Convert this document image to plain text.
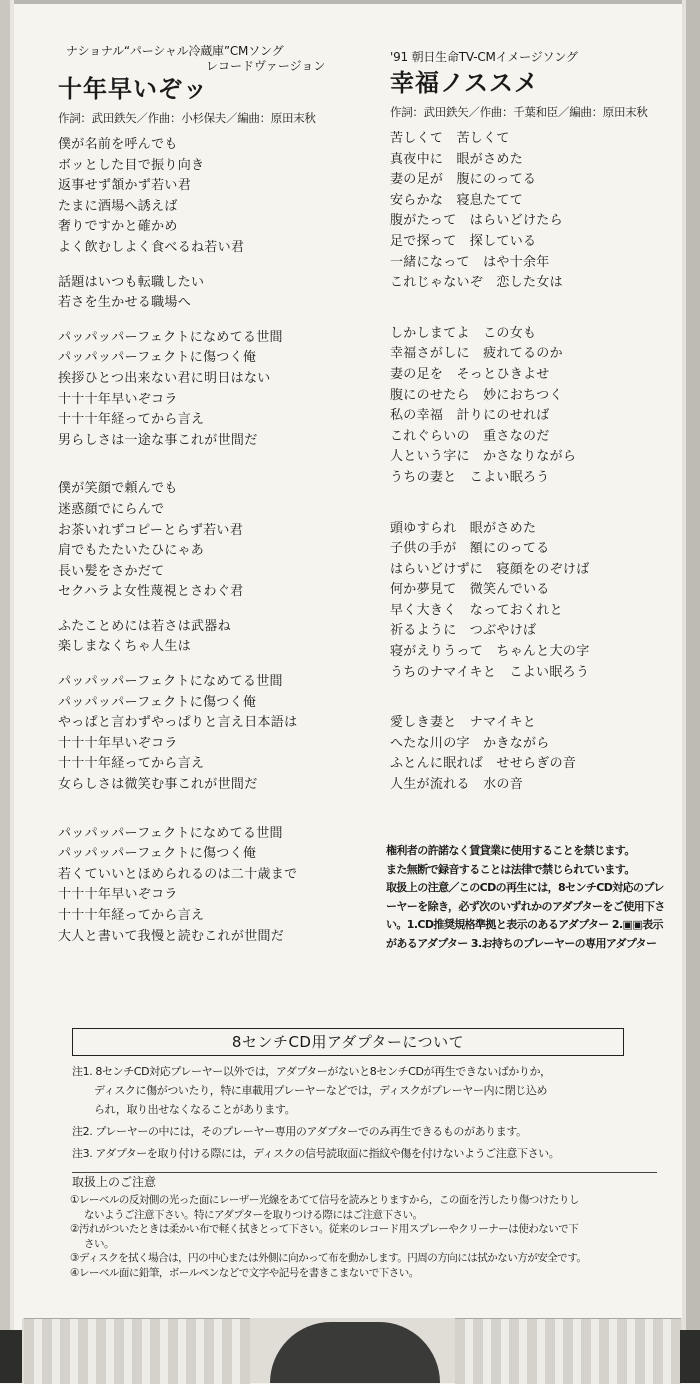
ナショナル“パーシャル冷蔵庫”CMソング
レコードヴァージョン
十年早いぞッ
作詞：武田鉄矢／作曲：小杉保夫／編曲：原田末秋
僕が名前を呼んでも
ボッとした目で振り向き
返事せず頷かず若い君
たまに酒場へ誘えば
奢りですかと確かめ
よく飲むしよく食べるね若い君
話題はいつも転職したい
若さを生かせる職場へ
パッパッパーフェクトになめてる世間
パッパッパーフェクトに傷つく俺
挨拶ひとつ出来ない君に明日はない
十十十年早いぞコラ
十十十年経ってから言え
男らしさは一途な事これが世間だ
僕が笑顔で頼んでも
迷惑顔でにらんで
お茶いれずコピーとらず若い君
肩でもたたいたひにゃあ
長い髪をさかだて
セクハラよ女性蔑視とさわぐ君
ふたことめには若さは武器ね
楽しまなくちゃ人生は
パッパッパーフェクトになめてる世間
パッパッパーフェクトに傷つく俺
やっぱと言わずやっぱりと言え日本語は
十十十年早いぞコラ
十十十年経ってから言え
女らしさは微笑む事これが世間だ
パッパッパーフェクトになめてる世間
パッパッパーフェクトに傷つく俺
若くていいとほめられるのは二十歳まで
十十十年早いぞコラ
十十十年経ってから言え
大人と書いて我慢と読むこれが世間だ
'91 朝日生命TV-CMイメージソング
幸福ノススメ
作詞：武田鉄矢／作曲：千葉和臣／編曲：原田末秋
苦しくて　苦しくて
真夜中に　眼がさめた
妻の足が　腹にのってる
安らかな　寝息たてて
腹がたって　はらいどけたら
足で探って　探している
一緒になって　はや十余年
これじゃないぞ　恋した女は
しかしまてよ　この女も
幸福さがしに　疲れてるのか
妻の足を　そっとひきよせ
腹にのせたら　妙におちつく
私の幸福　計りにのせれば
これぐらいの　重さなのだ
人という字に　かさなりながら
うちの妻と　こよい眠ろう
頭ゆすられ　眼がさめた
子供の手が　額にのってる
はらいどけずに　寝顔をのぞけば
何か夢見て　微笑んでいる
早く大きく　なっておくれと
祈るように　つぶやけば
寝がえりうって　ちゃんと大の字
うちのナマイキと　こよい眠ろう
愛しき妻と　ナマイキと
へたな川の字　かきながら
ふとんに眠れば　せせらぎの音
人生が流れる　水の音
権利者の許諾なく賃貸業に使用することを禁じます。
また無断で録音することは法律で禁じられています。
取扱上の注意／このCDの再生には，8センチCD対応のプレ
ーヤーを除き，必ず次のいずれかのアダプターをご使用下さ
い。1.CD推奨規格準拠と表示のあるアダプター 2.▣▣表示
があるアダプター 3.お持ちのプレーヤーの専用アダプター
8センチCD用アダプターについて
注1. 8センチCD対応プレーヤー以外では，アダプターがないと8センチCDが再生できないばかりか，
ディスクに傷がついたり，特に車載用プレーヤーなどでは，ディスクがプレーヤー内に閉じ込め
られ，取り出せなくなることがあります。
注2. プレーヤーの中には，そのプレーヤー専用のアダプターでのみ再生できるものがあります。
注3. アダプターを取り付ける際には，ディスクの信号読取面に指紋や傷を付けないようご注意下さい。
取扱上のご注意
①レーベルの反対側の光った面にレーザー光線をあてて信号を読みとりますから，この面を汚したり傷つけたりし
ないようご注意下さい。特にアダプターを取りつける際にはご注意下さい。
②汚れがついたときは柔かい布で軽く拭きとって下さい。従来のレコード用スプレーやクリーナーは使わないで下
さい。
③ディスクを拭く場合は，円の中心または外側に向かって布を動かします。円周の方向には拭かない方が安全です。
④レーベル面に鉛筆，ボールペンなどで文字や記号を書きこまないで下さい。
